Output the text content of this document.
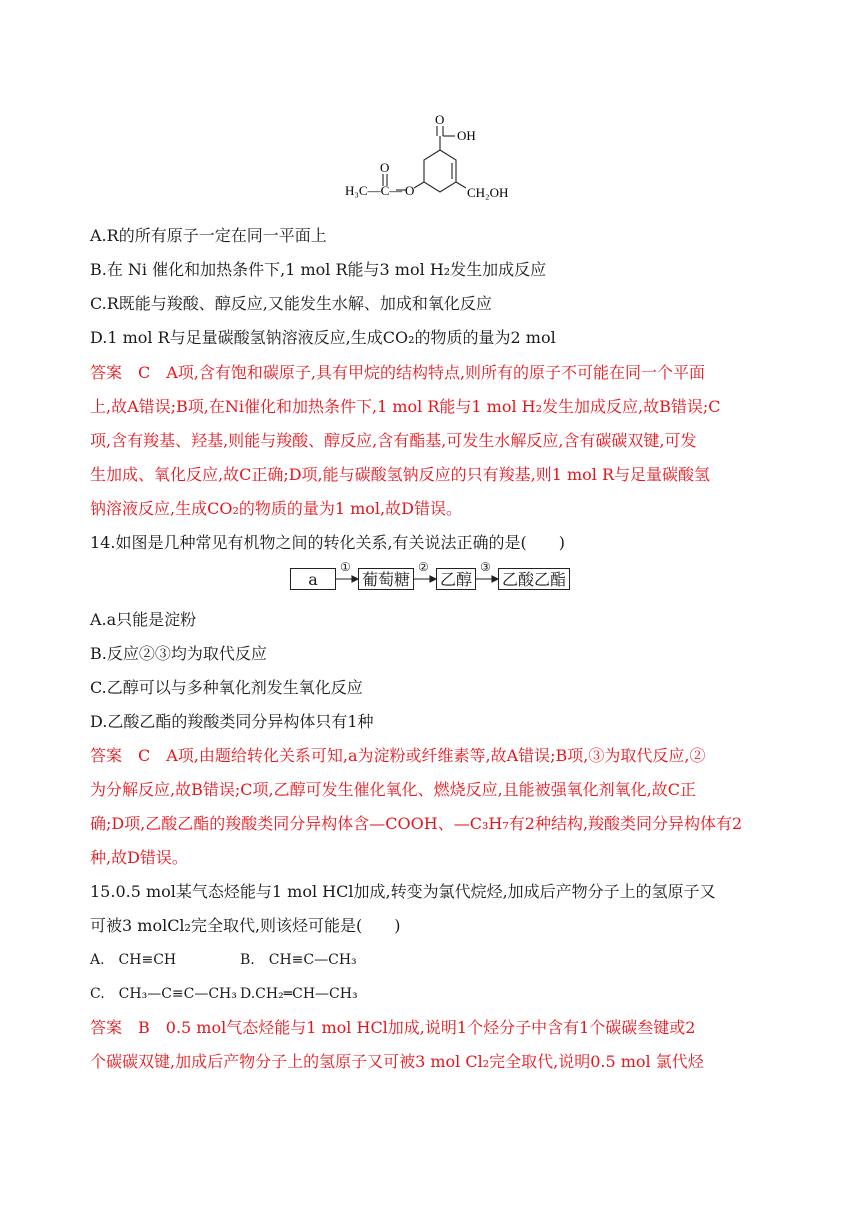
OH
O
O
O
H₃C—C—	CH₂OH
A.R的所有原子一定在同一平面上
B.在 Ni 催化和加热条件下,1 mol R能与3 mol H₂发生加成反应
C.R既能与羧酸、醇反应,又能发生水解、加成和氧化反应
D.1 mol R与足量碳酸氢钠溶液反应,生成CO₂的物质的量为2 mol
答案　C　A项,含有饱和碳原子,具有甲烷的结构特点,则所有的原子不可能在同一个平面
上,故A错误;B项,在Ni催化和加热条件下,1 mol R能与1 mol H₂发生加成反应,故B错误;C
项,含有羧基、羟基,则能与羧酸、醇反应,含有酯基,可发生水解反应,含有碳碳双键,可发
生加成、氧化反应,故C正确;D项,能与碳酸氢钠反应的只有羧基,则1 mol R与足量碳酸氢
钠溶液反应,生成CO₂的物质的量为1 mol,故D错误。
14.如图是几种常见有机物之间的转化关系,有关说法正确的是(　　)
a	葡萄糖 乙醇 乙酸乙酯
①	②	③
A.a只能是淀粉
B.反应②③均为取代反应
C.乙醇可以与多种氧化剂发生氧化反应
D.乙酸乙酯的羧酸类同分异构体只有1种
答案　C　A项,由题给转化关系可知,a为淀粉或纤维素等,故A错误;B项,③为取代反应,②
为分解反应,故B错误;C项,乙醇可发生催化氧化、燃烧反应,且能被强氧化剂氧化,故C正
确;D项,乙酸乙酯的羧酸类同分异构体含—COOH、—C₃H₇有2种结构,羧酸类同分异构体有2
种,故D错误。
15.0.5 mol某气态烃能与1 mol HCl加成,转变为氯代烷烃,加成后产物分子上的氢原子又
可被3 molCl₂完全取代,则该烃可能是(　　)
A.　CH≡CH	B.　CH≡C—CH₃
C.　CH₃—C≡C—CH₃ D.CH₂═CH—CH₃
答案　B　0.5 mol气态烃能与1 mol HCl加成,说明1个烃分子中含有1个碳碳叁键或2
个碳碳双键,加成后产物分子上的氢原子又可被3 mol Cl₂完全取代,说明0.5 mol 氯代烃
